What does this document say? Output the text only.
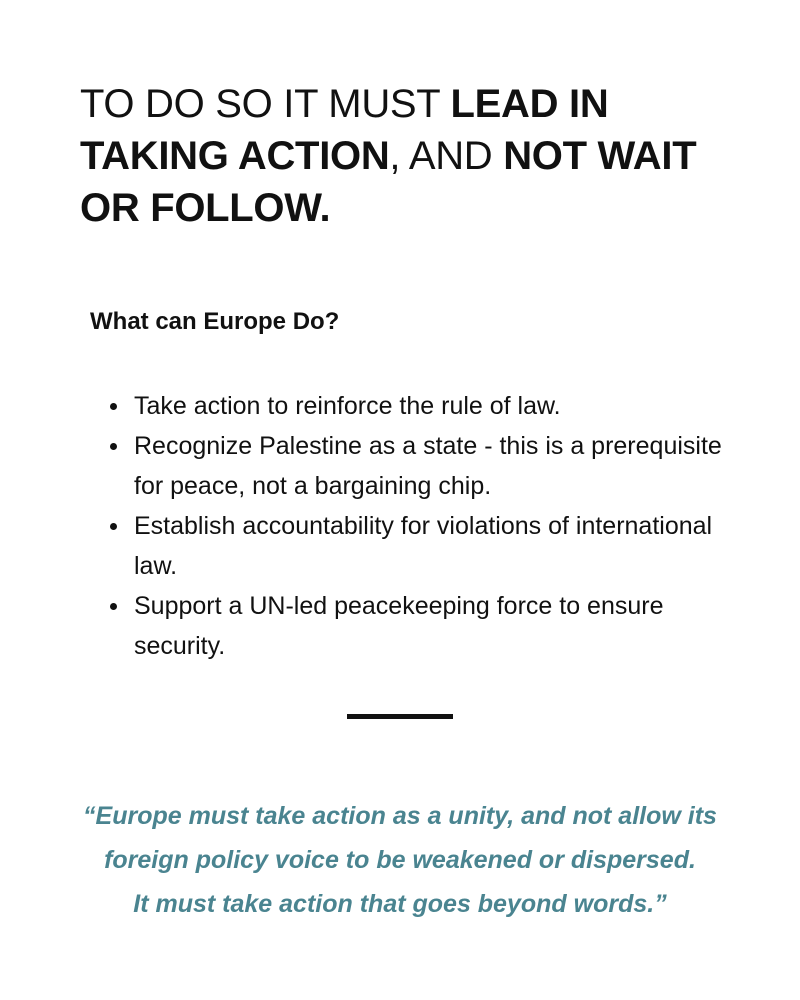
TO DO SO IT MUST LEAD IN TAKING ACTION, AND NOT WAIT OR FOLLOW.
What can Europe Do?
Take action to reinforce the rule of law.
Recognize Palestine as a state - this is a prerequisite for peace, not a bargaining chip.
Establish accountability for violations of international law.
Support a UN-led peacekeeping force to ensure security.

“Europe must take action as a unity, and not allow its
foreign policy voice to be weakened or dispersed.
It must take action that goes beyond words.”
